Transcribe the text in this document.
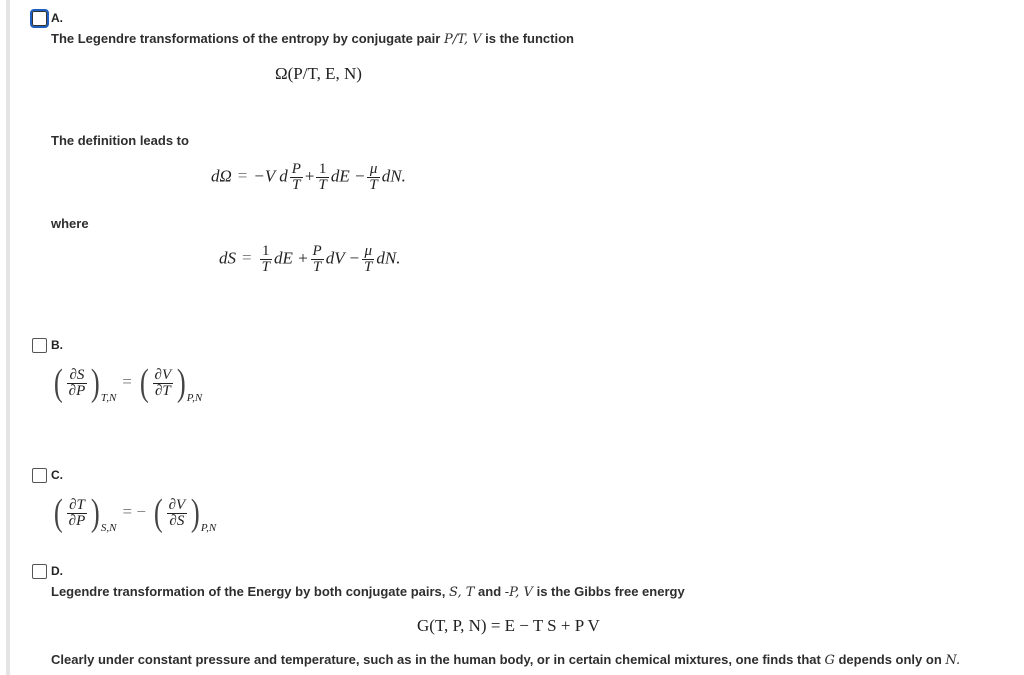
A.
The Legendre transformations of the entropy by conjugate pair P/T, V is the function
Ω(P/T, E, N)
The definition leads to
dΩ = −V d $\frac{P}{T} + \frac{1}{T}$ dE − $\frac{\mu}{T}$ dN.
where
dS = $\frac{1}{T}$ dE + $\frac{P}{T}$ dV − $\frac{\mu}{T}$ dN.
B.
( $\frac{\partial S}{\partial P} )T,N=$ ( $\frac{\partial V}{\partial T} )P,N$
C.
( $\frac{\partial T}{\partial P} )S,N=$ − ( $\frac{\partial V}{\partial S} )P,N$
D.
Legendre transformation of the Energy by both conjugate pairs, S, T and -P, V is the Gibbs free energy
G(T, P, N) = E − T S + P V
Clearly under constant pressure and temperature, such as in the human body, or in certain chemical mixtures, one finds that G depends only on N.
